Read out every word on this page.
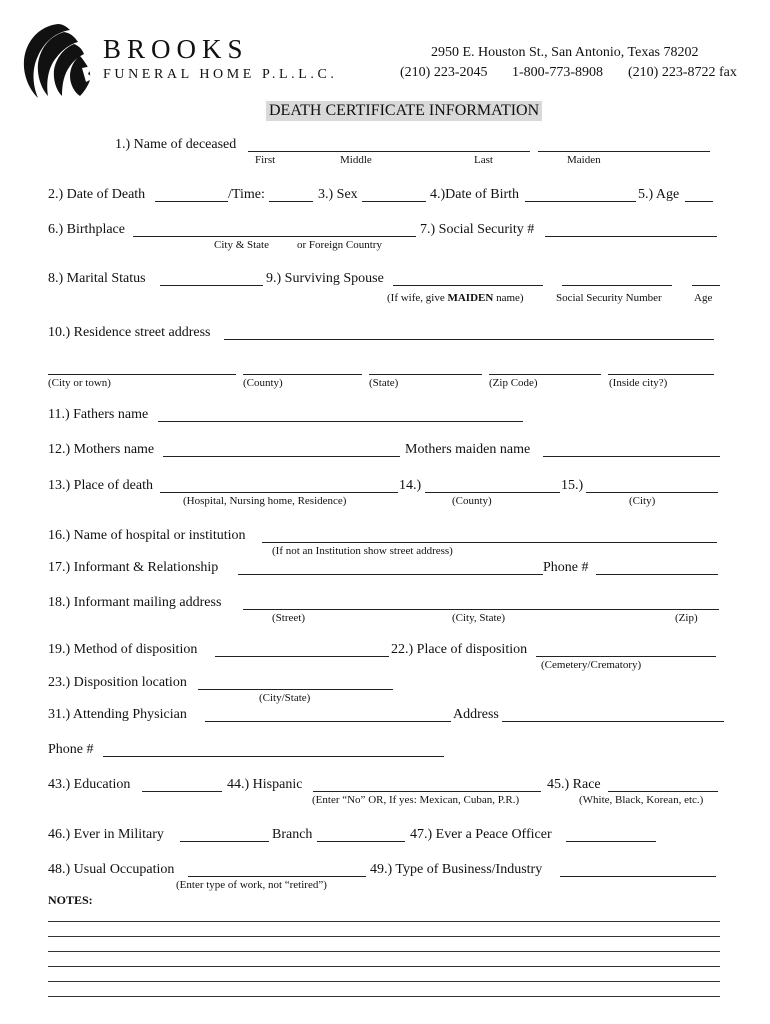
BROOKS
FUNERAL HOME P.L.L.C.
2950 E. Houston St., San Antonio, Texas 78202
(210) 223-2045 1-800-773-8908 (210) 223-8722 fax
DEATH CERTIFICATE INFORMATION
1.) Name of deceased
First	Middle	Last	Maiden
2.) Date of Death	/Time:	3.) Sex	4.)Date of Birth	5.) Age
6.) Birthplace	7.) Social Security #
City & State	or Foreign Country
8.) Marital Status	9.) Surviving Spouse
(If wife, give MAIDEN name)	Social Security Number	Age
10.) Residence street address
(City or town)	(County)	(State)	(Zip Code)	(Inside city?)
11.) Fathers name
12.) Mothers name	Mothers maiden name
13.) Place of death	14.)	15.)
(Hospital, Nursing home, Residence)	(County)	(City)
16.) Name of hospital or institution
(If not an Institution show street address)
17.) Informant & Relationship	Phone #
18.) Informant mailing address
(Street)	(City, State)	(Zip)
19.) Method of disposition	22.) Place of disposition
(Cemetery/Crematory)
23.) Disposition location
(City/State)
31.) Attending Physician	Address
Phone #
43.) Education	44.) Hispanic	45.) Race
(Enter “No” OR, If yes: Mexican, Cuban, P.R.)	(White, Black, Korean, etc.)
46.) Ever in Military	Branch	47.) Ever a Peace Officer
48.) Usual Occupation	49.) Type of Business/Industry
(Enter type of work, not “retired”)
NOTES:
